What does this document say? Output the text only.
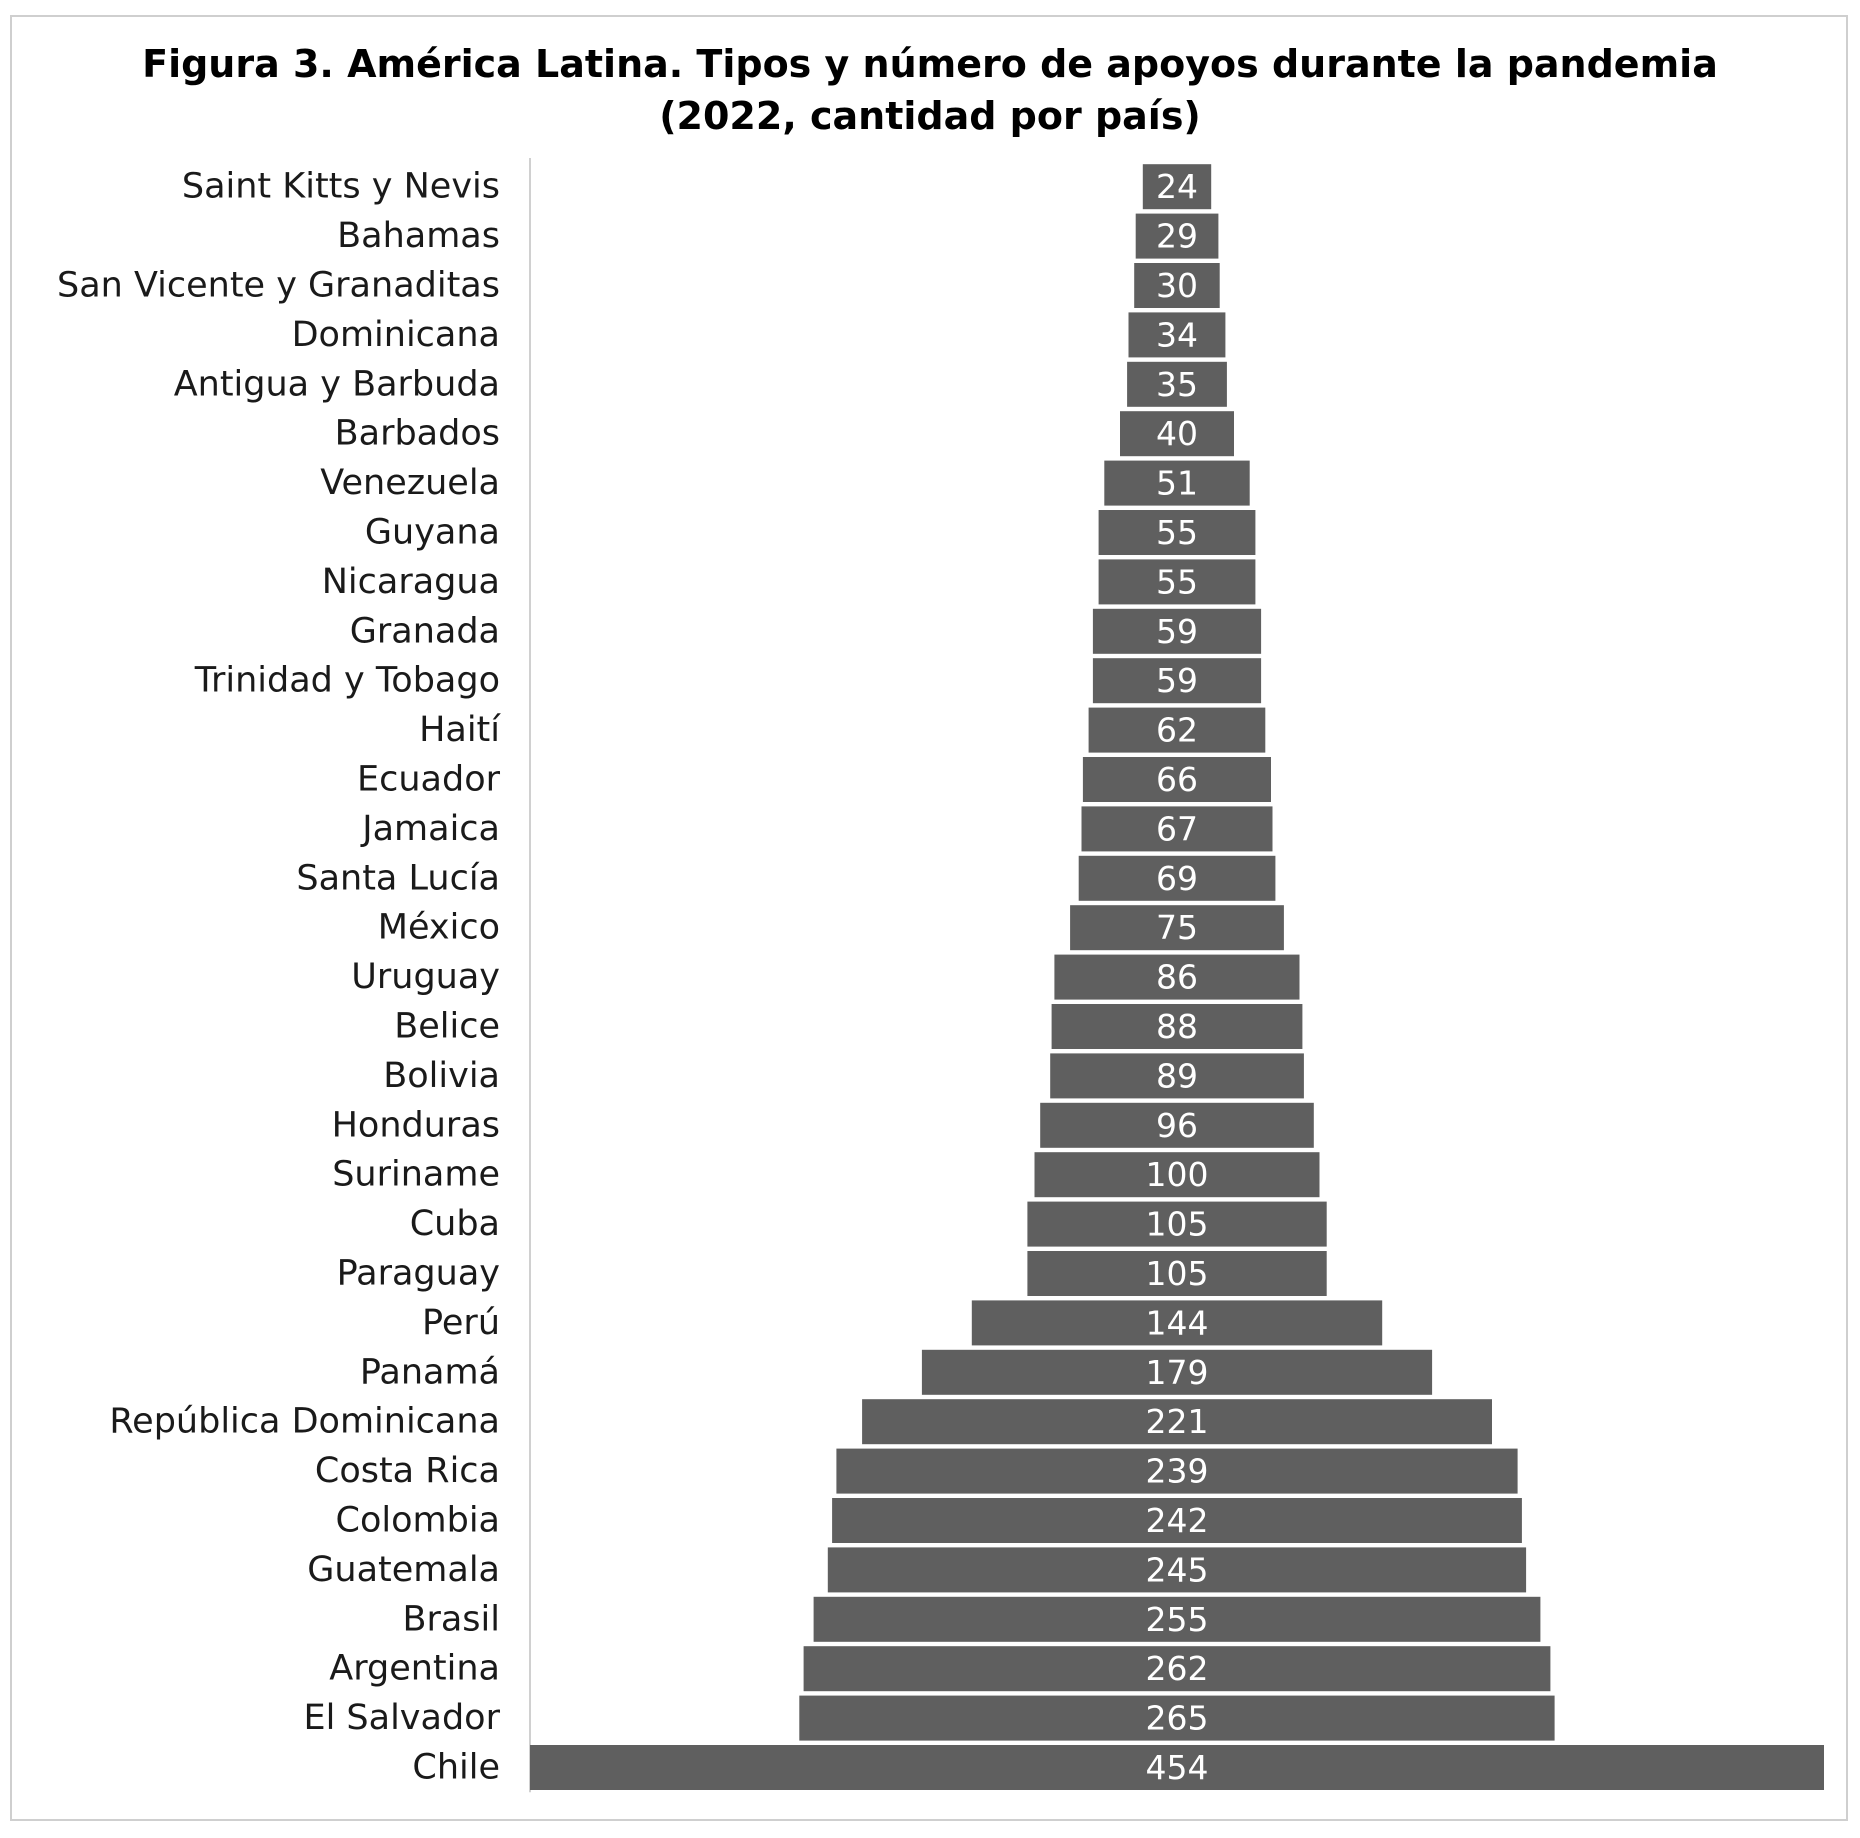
Figura 3. América Latina. Tipos y número de apoyos durante la pandemia
(2022, cantidad por país)
24
Saint Kitts y Nevis
29
Bahamas
30
San Vicente y Granaditas
34
Dominicana
35
Antigua y Barbuda
40
Barbados
51
Venezuela
55
Guyana
55
Nicaragua
59
Granada
59
Trinidad y Tobago
62
Haití
66
Ecuador
67
Jamaica
69
Santa Lucía
75
México
86
Uruguay
88
Belice
89
Bolivia
96
Honduras
100
Suriname
105
Cuba
105
Paraguay
144
Perú
179
Panamá
221
República Dominicana
239
Costa Rica
242
Colombia
245
Guatemala
255
Brasil
262
Argentina
265
El Salvador
454
Chile
